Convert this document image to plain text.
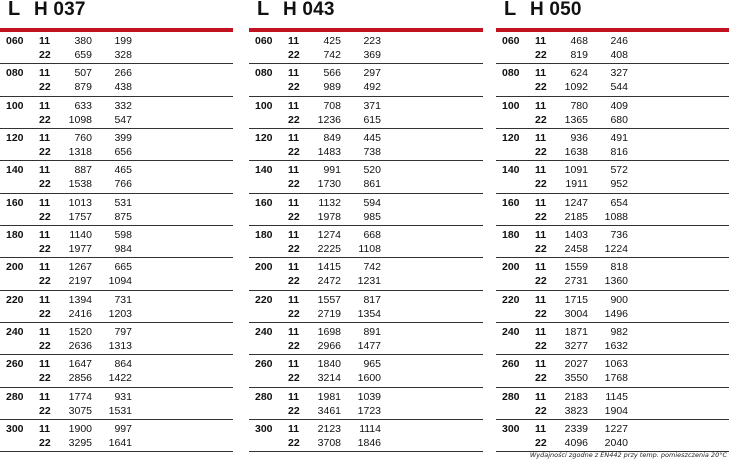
L H 037
060 11	380	199
22	659	328
080 11	507	266
22	879	438
100 11	633	332
22	1098	547
120 11	760	399
22	1318	656
140 11	887	465
22	1538	766
160 11	1013	531
22	1757	875
180 11	1140	598
22	1977	984
200 11	1267	665
22	2197	1094
220 11	1394	731
22	2416	1203
240 11	1520	797
22	2636	1313
260 11	1647	864
22	2856	1422
280 11	1774	931
22	3075	1531
300 11	1900	997
22	3295	1641
L H 043
060 11	425	223
22	742	369
080 11	566	297
22	989	492
100 11	708	371
22	1236	615
120 11	849	445
22	1483	738
140 11	991	520
22	1730	861
160 11	1132	594
22	1978	985
180 11	1274	668
22	2225	1108
200 11	1415	742
22	2472	1231
220 11	1557	817
22	2719	1354
240 11	1698	891
22	2966	1477
260 11	1840	965
22	3214	1600
280 11	1981	1039
22	3461	1723
300 11	2123	1114
22	3708	1846
L H 050
060 11	468	246
22	819	408
080 11	624	327
22	1092	544
100 11	780	409
22	1365	680
120 11	936	491
22	1638	816
140 11	1091	572
22	1911	952
160 11	1247	654
22	2185	1088
180 11	1403	736
22	2458	1224
200 11	1559	818
22	2731	1360
220 11	1715	900
22	3004	1496
240 11	1871	982
22	3277	1632
260 11	2027	1063
22	3550	1768
280 11	2183	1145
22	3823	1904
300 11	2339	1227
22	4096	2040
Wydajności zgodne z EN442 przy temp. pomieszczenia 20°C
